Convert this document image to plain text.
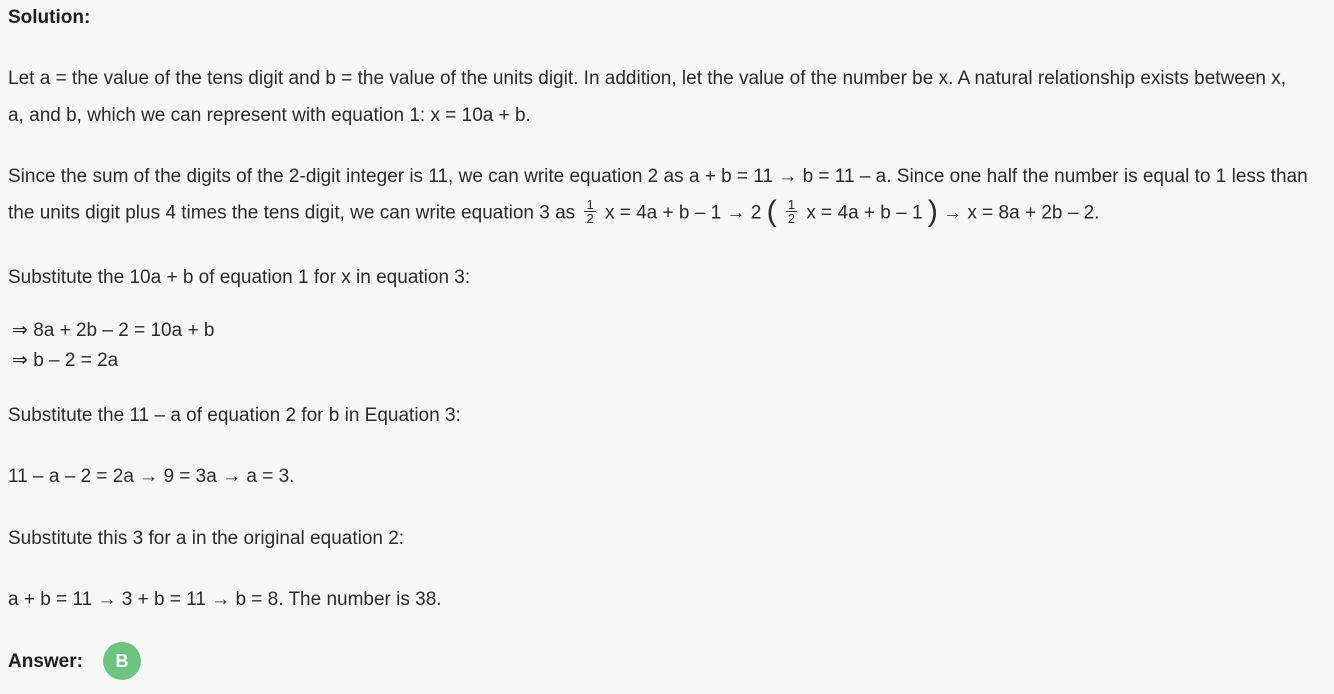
Solution:
Let a = the value of the tens digit and b = the value of the units digit. In addition, let the value of the number be x. A natural relationship exists between x,
a, and b, which we can represent with equation 1: x = 10a + b.
Since the sum of the digits of the 2-digit integer is 11, we can write equation 2 as a + b = 11 → b = 11 – a. Since one half the number is equal to 1 less than
the units digit plus 4 times the tens digit, we can write equation 3 as $\frac{1}{2}$ x = 4a + b – 1 → 2 ( $\frac{1}{2}$ x = 4a + b – 1 ) → x = 8a + 2b – 2.
Substitute the 10a + b of equation 1 for x in equation 3:
⇒ 8a + 2b – 2 = 10a + b
⇒ b – 2 = 2a
Substitute the 11 – a of equation 2 for b in Equation 3:
11 – a – 2 = 2a → 9 = 3a → a = 3.
Substitute this 3 for a in the original equation 2:
a + b = 11 → 3 + b = 11 → b = 8. The number is 38.
Answer:	B
